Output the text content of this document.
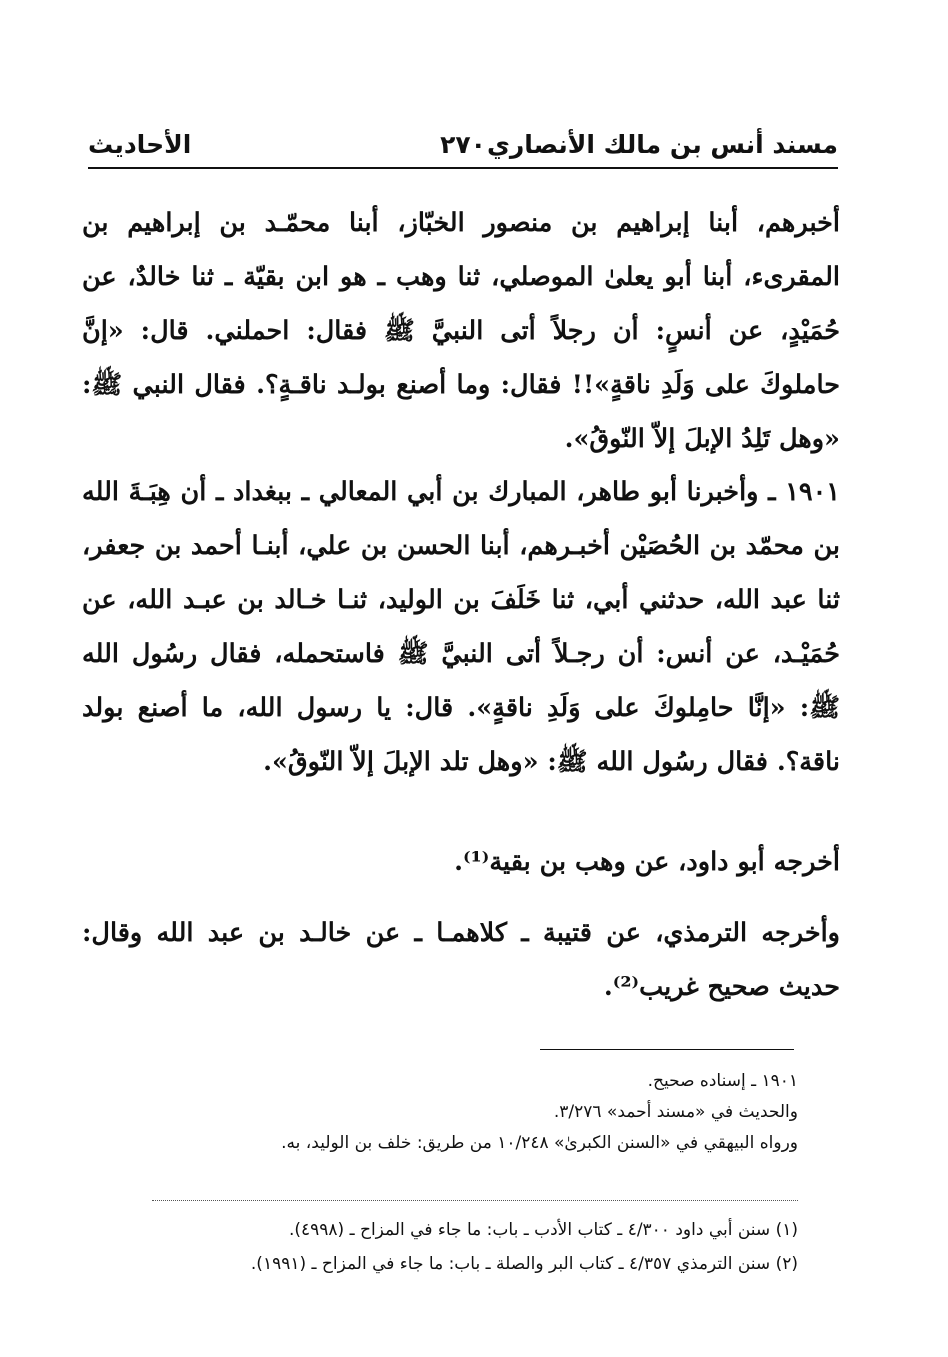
مسند أنس بن مالك الأنصاري
٢٧٠
الأحاديث

أخبرهم، أبنا إبراهيم بن منصور الخبّاز، أبنا محمّـد بن إبراهيم بن المقرىء، أبنا أبو يعلىٰ الموصلي، ثنا وهب ـ هو ابن بقيّة ـ ثنا خالدٌ، عن حُمَيْدٍ، عن أنسٍ: أن رجلاً أتى النبيَّ ﷺ فقال: احملني. قال: «إنَّ حاملوكَ على وَلَدِ ناقةٍ»!! فقال: وما أصنع بولـد ناقـةٍ؟. فقال النبي ﷺ: «وهل تَلِدُ الإبلَ إلاّ النّوقُ».

١٩٠١ ـ وأخبرنا أبو طاهر، المبارك بن أبي المعالي ـ ببغداد ـ أن هِبَـةَ الله بن محمّد بن الحُصَيْن أخبـرهم، أبنا الحسن بن علي، أبنـا أحمد بن جعفر، ثنا عبد الله، حدثني أبي، ثنا خَلَفَ بن الوليد، ثنـا خـالد بن عبـد الله، عن حُمَيْـد، عن أنس: أن رجـلاً أتى النبيَّ ﷺ فاستحمله، فقال رسُول الله ﷺ: «إنَّا حامِلوكَ على وَلَدِ ناقةٍ». قال: يا رسول الله، ما أصنع بولد ناقة؟. فقال رسُول الله ﷺ: «وهل تلد الإبلَ إلاّ النّوقُ».

أخرجه أبو داود، عن وهب بن بقية⁽¹⁾.

وأخرجه الترمذي، عن قتيبة ـ كلاهمـا ـ عن خالـد بن عبد الله وقال: حديث صحيح غريب⁽²⁾.

١٩٠١ ـ إسناده صحيح.
والحديث في «مسند أحمد» ٣/٢٧٦.
ورواه البيهقي في «السنن الكبرىٰ» ١٠/٢٤٨ من طريق: خلف بن الوليد، به.
(١) سنن أبي داود ٤/٣٠٠ ـ كتاب الأدب ـ باب: ما جاء في المزاح ـ (٤٩٩٨).
(٢) سنن الترمذي ٤/٣٥٧ ـ كتاب البر والصلة ـ باب: ما جاء في المزاح ـ (١٩٩١).
